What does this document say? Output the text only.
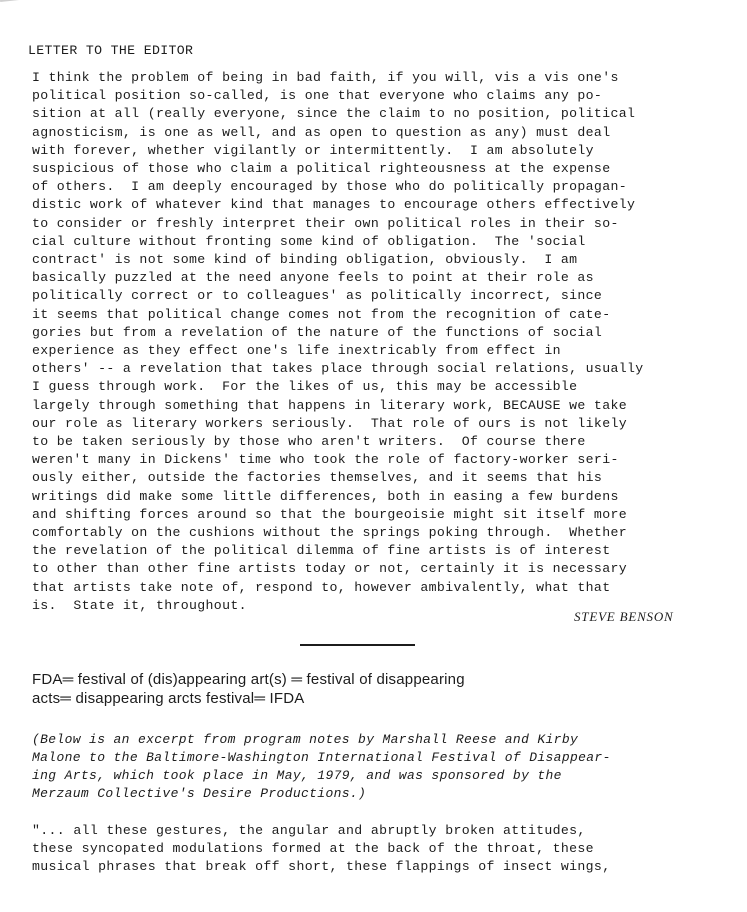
LETTER TO THE EDITOR
I think the problem of being in bad faith, if you will, vis a vis one's
political position so-called, is one that everyone who claims any po-
sition at all (really everyone, since the claim to no position, political
agnosticism, is one as well, and as open to question as any) must deal
with forever, whether vigilantly or intermittently.  I am absolutely
suspicious of those who claim a political righteousness at the expense
of others.  I am deeply encouraged by those who do politically propagan-
distic work of whatever kind that manages to encourage others effectively
to consider or freshly interpret their own political roles in their so-
cial culture without fronting some kind of obligation.  The 'social
contract' is not some kind of binding obligation, obviously.  I am
basically puzzled at the need anyone feels to point at their role as
politically correct or to colleagues' as politically incorrect, since
it seems that political change comes not from the recognition of cate-
gories but from a revelation of the nature of the functions of social
experience as they effect one's life inextricably from effect in
others' -- a revelation that takes place through social relations, usually
I guess through work.  For the likes of us, this may be accessible
largely through something that happens in literary work, BECAUSE we take
our role as literary workers seriously.  That role of ours is not likely
to be taken seriously by those who aren't writers.  Of course there
weren't many in Dickens' time who took the role of factory-worker seri-
ously either, outside the factories themselves, and it seems that his
writings did make some little differences, both in easing a few burdens
and shifting forces around so that the bourgeoisie might sit itself more
comfortably on the cushions without the springs poking through.  Whether
the revelation of the political dilemma of fine artists is of interest
to other than other fine artists today or not, certainly it is necessary
that artists take note of, respond to, however ambivalently, what that
is.  State it, throughout.
STEVE BENSON
FDA═ festival of (dis)appearing art(s) ═ festival of disappearing
acts═ disappearing arcts festival═ IFDA
(Below is an excerpt from program notes by Marshall Reese and Kirby
Malone to the Baltimore-Washington International Festival of Disappear-
ing Arts, which took place in May, 1979, and was sponsored by the
Merzaum Collective's Desire Productions.)
"... all these gestures, the angular and abruptly broken attitudes,
these syncopated modulations formed at the back of the throat, these
musical phrases that break off short, these flappings of insect wings,
